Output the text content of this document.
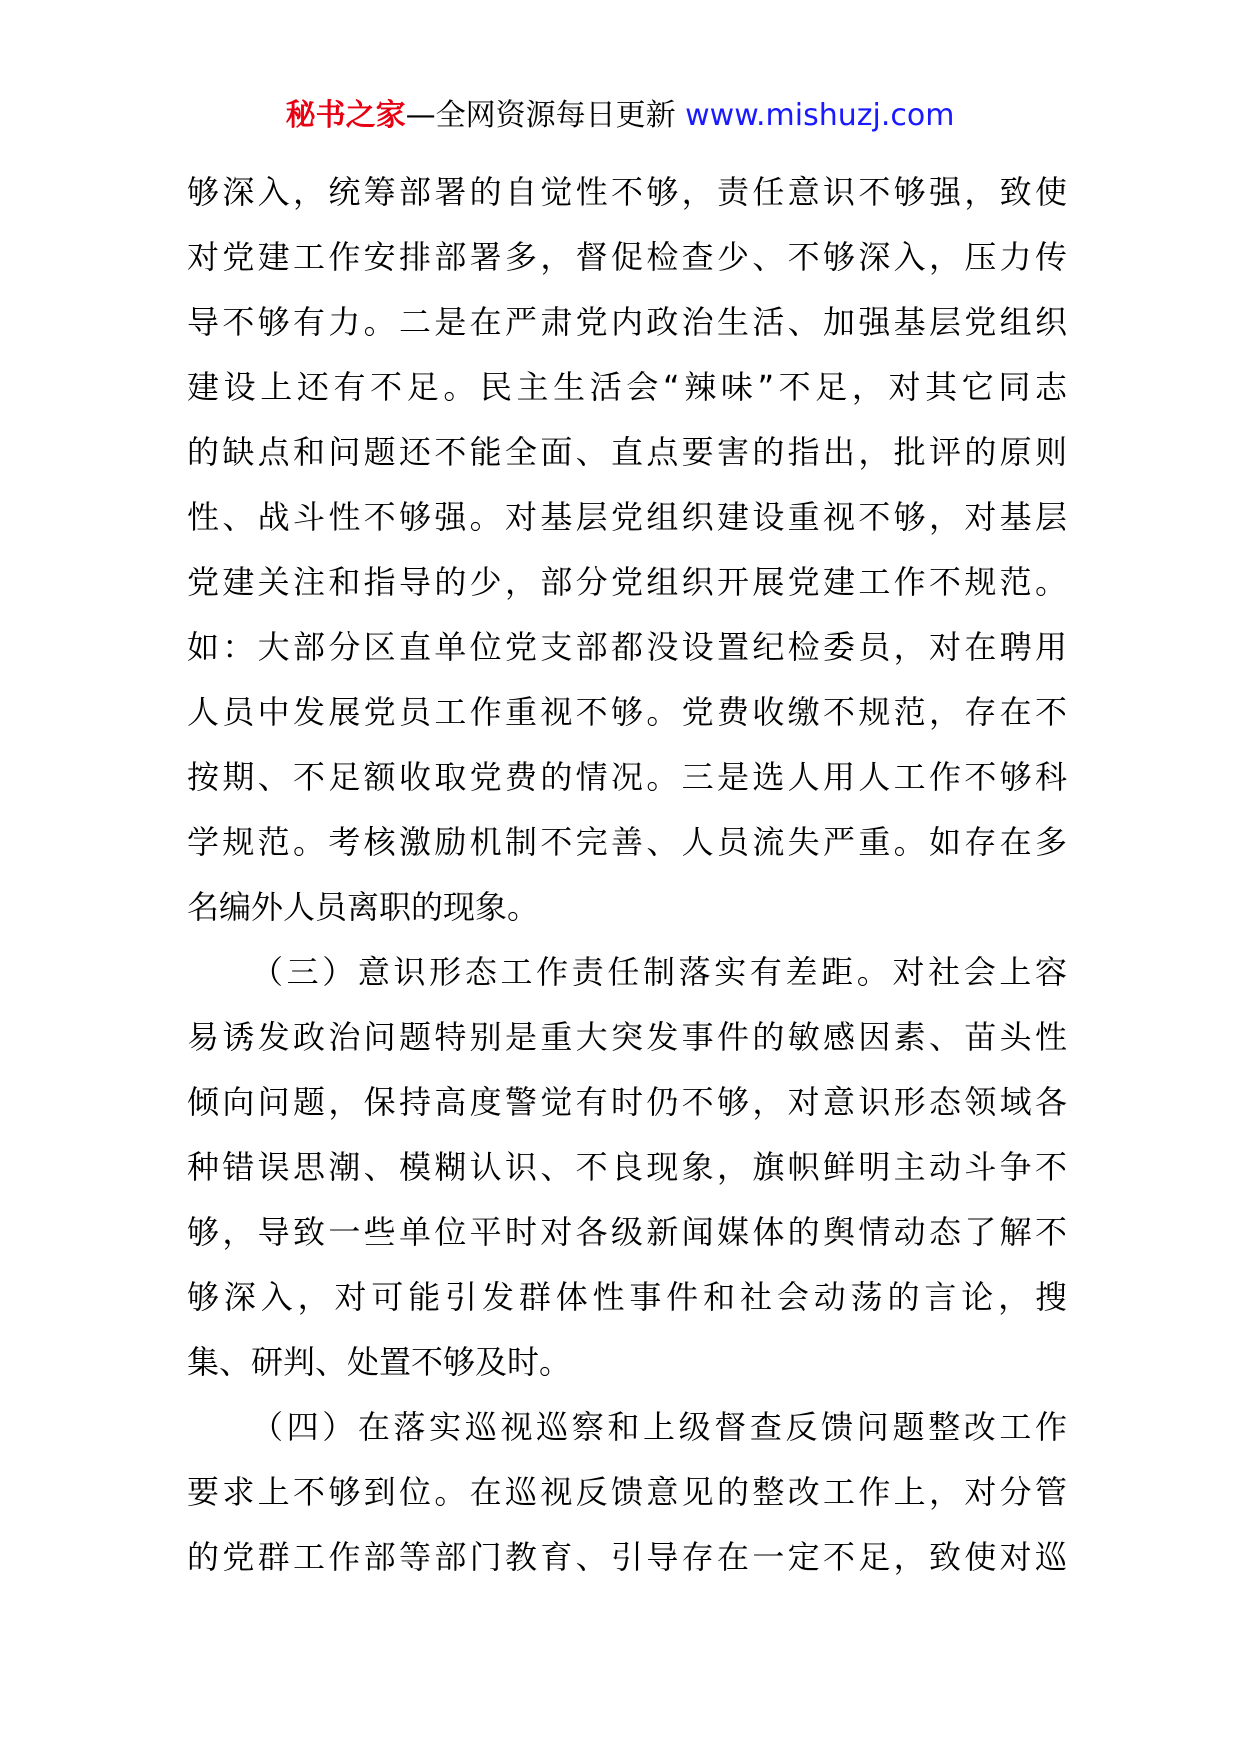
秘书之家—全网资源每日更新 www.mishuzj.com
够深入，统筹部署的自觉性不够，责任意识不够强，致使
对党建工作安排部署多，督促检查少、不够深入，压力传
导不够有力。二是在严肃党内政治生活、加强基层党组织
建设上还有不足。民主生活会“辣味”不足，对其它同志
的缺点和问题还不能全面、直点要害的指出，批评的原则
性、战斗性不够强。对基层党组织建设重视不够，对基层
党建关注和指导的少，部分党组织开展党建工作不规范。
如：大部分区直单位党支部都没设置纪检委员，对在聘用
人员中发展党员工作重视不够。党费收缴不规范，存在不
按期、不足额收取党费的情况。三是选人用人工作不够科
学规范。考核激励机制不完善、人员流失严重。如存在多
名编外人员离职的现象。
（三）意识形态工作责任制落实有差距。对社会上容
易诱发政治问题特别是重大突发事件的敏感因素、苗头性
倾向问题，保持高度警觉有时仍不够，对意识形态领域各
种错误思潮、模糊认识、不良现象，旗帜鲜明主动斗争不
够，导致一些单位平时对各级新闻媒体的舆情动态了解不
够深入，对可能引发群体性事件和社会动荡的言论，搜
集、研判、处置不够及时。
（四）在落实巡视巡察和上级督查反馈问题整改工作
要求上不够到位。在巡视反馈意见的整改工作上，对分管
的党群工作部等部门教育、引导存在一定不足，致使对巡
